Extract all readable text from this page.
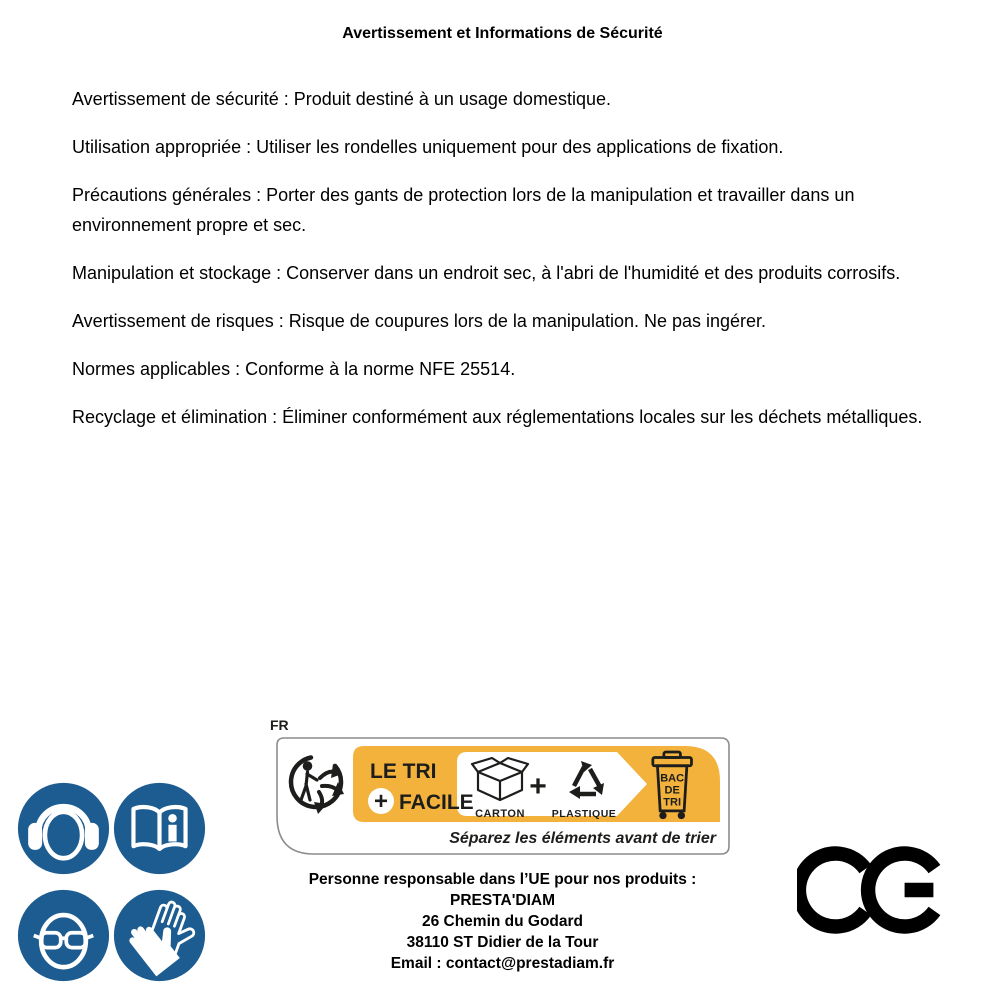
Avertissement et Informations de Sécurité

Avertissement de sécurité : Produit destiné à un usage domestique.

Utilisation appropriée : Utiliser les rondelles uniquement pour des applications de fixation.

Précautions générales : Porter des gants de protection lors de la manipulation et travailler dans un environnement propre et sec.

Manipulation et stockage : Conserver dans un endroit sec, à l'abri de l'humidité et des produits corrosifs.

Avertissement de risques : Risque de coupures lors de la manipulation. Ne pas ingérer.

Normes applicables : Conforme à la norme NFE 25514.

Recyclage et élimination : Éliminer conformément aux réglementations locales sur les déchets métalliques.

FR
LE TRI
+ FACILE CARTON
+
PLASTIQUE
BAC
DE
TRI
Séparez les éléments avant de trier
Personne responsable dans l’UE pour nos produits :
PRESTA'DIAM
26 Chemin du Godard
38110 ST Didier de la Tour
Email : contact@prestadiam.fr
